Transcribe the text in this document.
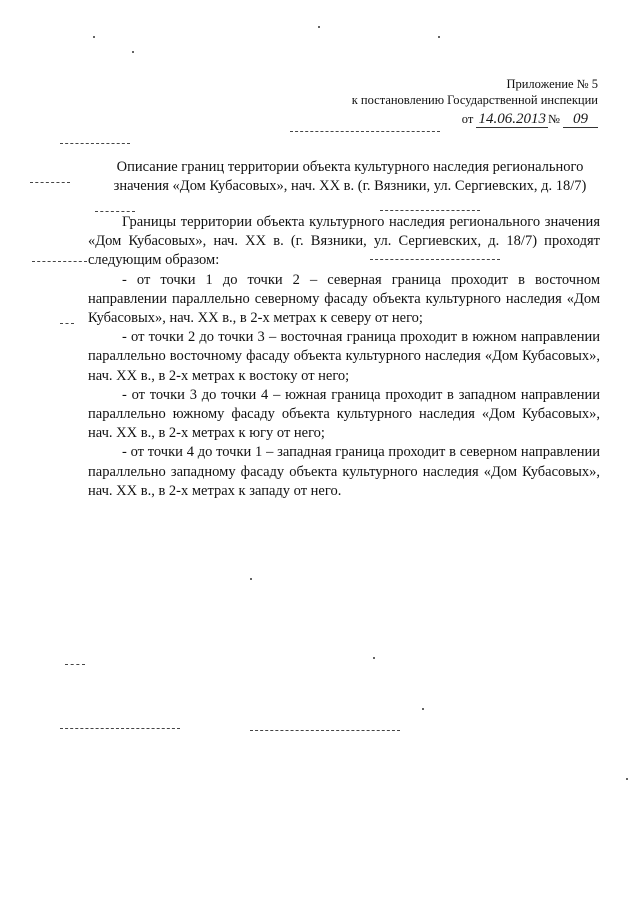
Приложение № 5
к постановлению Государственной инспекции
от 14.06.2013 № 09
Описание границ территории объекта культурного наследия регионального
значения «Дом Кубасовых», нач. XX в. (г. Вязники, ул. Сергиевских, д. 18/7)

Границы территории объекта культурного наследия регионального значения «Дом Кубасовых», нач. XX в. (г. Вязники, ул. Сергиевских, д. 18/7) проходят следующим образом:

- от точки 1 до точки 2 – северная граница проходит в восточном направлении параллельно северному фасаду объекта культурного наследия «Дом Кубасовых», нач. XX в., в 2-х метрах к северу от него;

- от точки 2 до точки 3 – восточная граница проходит в южном направлении параллельно восточному фасаду объекта культурного наследия «Дом Кубасовых», нач. XX в., в 2-х метрах к востоку от него;

- от точки 3 до точки 4 – южная граница проходит в западном направлении параллельно южному фасаду объекта культурного наследия «Дом Кубасовых», нач. XX в., в 2-х метрах к югу от него;

- от точки 4 до точки 1 – западная граница проходит в северном направлении параллельно западному фасаду объекта культурного наследия «Дом Кубасовых», нач. XX в., в 2-х метрах к западу от него.
